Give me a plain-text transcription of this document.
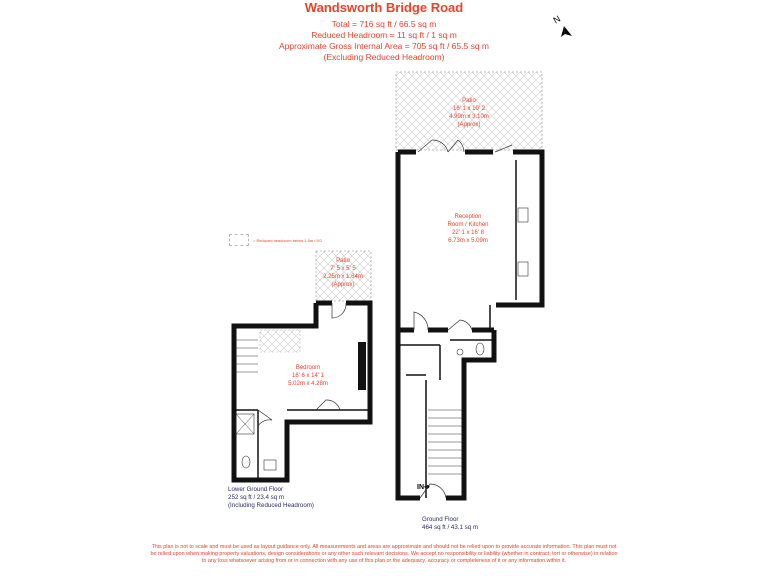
Wandsworth Bridge Road
Total = 716 sq ft / 66.5 sq m
Reduced Headroom = 11 sq ft / 1 sq m
Approximate Gross Internal Area = 705 sq ft / 65.5 sq m
(Excluding Reduced Headroom)
N
= Reduced headroom below 1.5m / 5'0
Patio
16' 1 x 10' 2
4.90m x 3.10m
(Approx)
Reception
Room / Kitchen
22' 1 x 16' 8
6.73m x 5.09m
Patio
7' 5 x 5' 5
2.25m x 1.64m
(Approx)
Bedroom
16' 6 x 14' 1
5.02m x 4.28m
Lower Ground Floor
252 sq ft / 23.4 sq m
(Including Reduced Headroom)
Ground Floor
464 sq ft / 43.1 sq m
IN➔
This plan is not to scale and must be used as layout guidance only. All measurements and areas are approximate and should not be relied upon to provide accurate information. This plan must not be relied upon when making property valuations, design considerations or any other such relevant decisions. We accept no responsibility or liability (whether in contract, tort or otherwise) in relation to any loss whatsoever arising from or in connection with any use of this plan or the adequacy, accuracy or completeness of it or any information within it.
